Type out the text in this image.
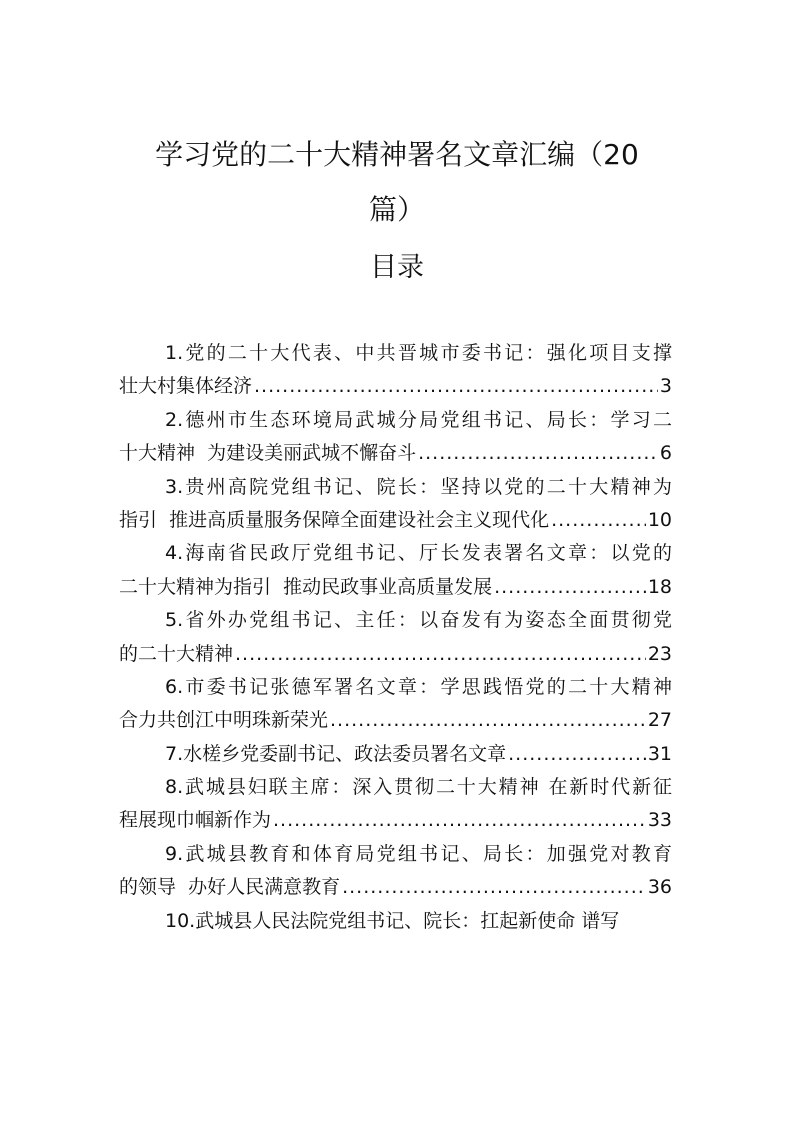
学习党的二十大精神署名文章汇编（20
篇）
目录
1.党的二十大代表、中共晋城市委书记：强化项目支撑
壮大村集体经济 .....	3
2.德州市生态环境局武城分局党组书记、局长：学习二
十大精神  为建设美丽武城不懈奋斗 .....	6
3.贵州高院党组书记、院长：坚持以党的二十大精神为
指引  推进高质量服务保障全面建设社会主义现代化 .....	10
4.海南省民政厅党组书记、厅长发表署名文章：以党的
二十大精神为指引  推动民政事业高质量发展 .....	18
5.省外办党组书记、主任：以奋发有为姿态全面贯彻党
的二十大精神 .....	23
6.市委书记张德军署名文章：学思践悟党的二十大精神
合力共创江中明珠新荣光 .....	27
7.水槎乡党委副书记、政法委员署名文章 .....	31
8.武城县妇联主席：深入贯彻二十大精神 在新时代新征
程展现巾帼新作为 .....	33
9.武城县教育和体育局党组书记、局长：加强党对教育
的领导  办好人民满意教育 .....	36
10.武城县人民法院党组书记、院长：扛起新使命 谱写
